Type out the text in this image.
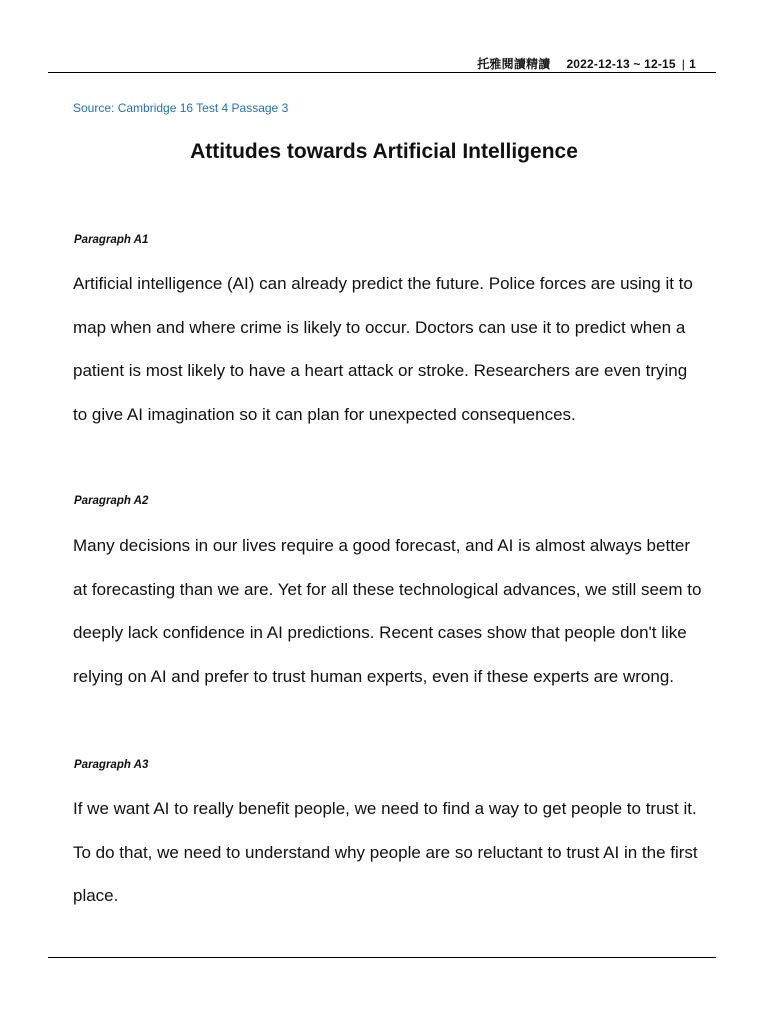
托雅閱讀精讀 2022-12-13 ~ 12-15 | 1
Source: Cambridge 16 Test 4 Passage 3
Attitudes towards Artificial Intelligence
Paragraph A1

Artificial intelligence (AI) can already predict the future. Police forces are using it to map when and where crime is likely to occur. Doctors can use it to predict when a patient is most likely to have a heart attack or stroke. Researchers are even trying to give AI imagination so it can plan for unexpected consequences.

Paragraph A2

Many decisions in our lives require a good forecast, and AI is almost always better at forecasting than we are. Yet for all these technological advances, we still seem to deeply lack confidence in AI predictions. Recent cases show that people don't like relying on AI and prefer to trust human experts, even if these experts are wrong.

Paragraph A3

If we want AI to really benefit people, we need to find a way to get people to trust it. To do that, we need to understand why people are so reluctant to trust AI in the first place.
